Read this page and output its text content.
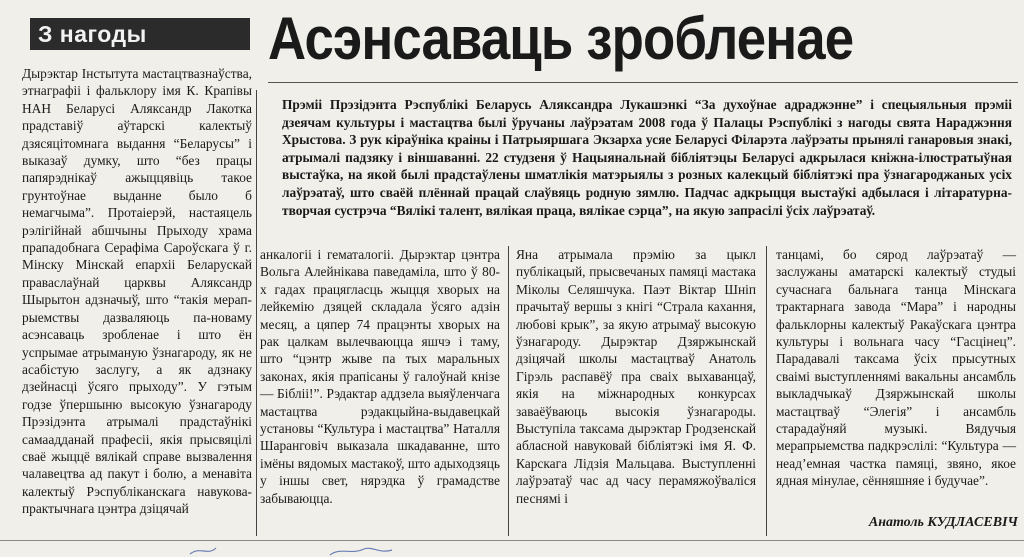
З нагоды	Асэнсаваць зробленае

Дырэктар Інстытута мастацтвазнаўства, этнаграфіі і фальклору імя К. Крапівы НАН Беларусі Аляксандр Лакотка прадставіў аўтарскі калектыў дзясяцітомнага выдання “Беларусы” і выказаў думку, што “без працы папярэднікаў ажыццявіць такое грунтоўнае выданне было б немагчыма”. Протаіерэй, настаяцель рэлігійнай абшчыны Прыходу храма прападобнага Серафіма Сароўскага ў г. Мінску Мінскай епархіі Беларускай праваслаўнай царквы Аляксандр Шырытон адзначыў, што “такія мерапрыемствы дазваляюць па-новаму асэнсаваць зробленае і што ён успрымае атрыманую ўзнагароду, як не асабістую заслугу, а як адзнаку дзейнасці ўсяго прыходу”. У гэтым годзе ўпершыню высокую ўзнагароду Прэзідэнта атрымалі прадстаўнікі самаадданай прафесіі, якія прысвяцілі сваё жыццё вялікай справе вызвалення чалавецтва ад пакут і болю, а менавіта калектыў Рэспубліканскага навукова-практычнага цэнтра дзіцячай

Прэміі Прэзідэнта Рэспублікі Беларусь Аляксандра Лукашэнкі “За духоўнае адраджэнне” і спецыяльныя прэміі дзеячам культуры і мастацтва былі ўручаны лаўрэатам 2008 года ў Палацы Рэспублікі з нагоды свята Нараджэння Хрыстова. З рук кіраўніка краіны і Патрыяршага Экзарха усяе Беларусі Філарэта лаўрэаты прынялі ганаровыя знакі, атрымалі падзяку і віншаванні. 22 студзеня ў Нацыянальнай бібліятэцы Беларусі адкрылася кніжна-ілюстратыўная выстаўка, на якой былі прадстаўлены шматлікія матэрыялы з розных калекцый бібліятэкі пра ўзнагароджаных усіх лаўрэатаў, што сваёй плённай працай слаўвяць родную зямлю. Падчас адкрыцця выстаўкі адбылася і літаратурна-творчая сустрэча “Вялікі талент, вялікая праца, вялікае сэрца”, на якую запрасілі ўсіх лаўрэатаў.

анкалогіі і гематалогіі. Дырэктар цэнтра Вольга Алейнікава паведаміла, што ў 80-х гадах працягласць жыцця хворых на лейкемію дзяцей складала ўсяго адзін месяц, а цяпер 74 працэнты хворых на рак цалкам вылечваюцца яшчэ і таму, што “цэнтр жыве па тых маральных законах, якія прапісаны ў галоўнай кнізе — Біблii!”. Рэдактар аддзела выяўленчага мастацтва рэдакцыйна-выдавецкай установы “Культура і мастацтва” Наталля Шаранговіч выказала шкадаванне, што імёны вядомых мастакоў, што адыходзяць у іншы свет, нярэдка ў грамадстве забываюцца.

Яна атрымала прэмію за цыкл публікацый, прысвечаных памяці мастака Міколы Селяшчука. Паэт Віктар Шніп прачытаў вершы з кнігі “Страла кахання, любові крык”, за якую атрымаў высокую ўзнагароду. Дырэктар Дзяржынскай дзіцячай школы мастацтваў Анатоль Гірэль распавёў пра сваіх выхаванцаў, якія на міжнародных конкурсах заваёўваюць высокія ўзнагароды. Выступіла таксама дырэктар Гродзенскай абласной навуковай бібліятэкі імя Я. Ф. Карскага Лідзія Мальцава. Выступленні лаўрэатаў час ад часу перамяжоўваліся песнямі і

танцамі, бо сярод лаўрэатаў — заслужаны аматарскі калектыў студыі сучаснага бальнага танца Мінскага трактарнага завода “Мара” і народны фальклорны калектыў Ракаўскага цэнтра культуры і вольнага часу “Гасцінец”. Парадавалі таксама ўсіх прысутных сваімі выступленнямі вакальны ансамбль выкладчыкаў Дзяржынскай школы мастацтваў “Элегія” і ансамбль старадаўняй музыкі. Вядучыя мерапрыемства падкрэслілі: “Культура — неад’емная частка памяці, звяно, якое ядная мінулае, сённяшняе і будучае”.

Анатоль КУДЛАСЕВІЧ
